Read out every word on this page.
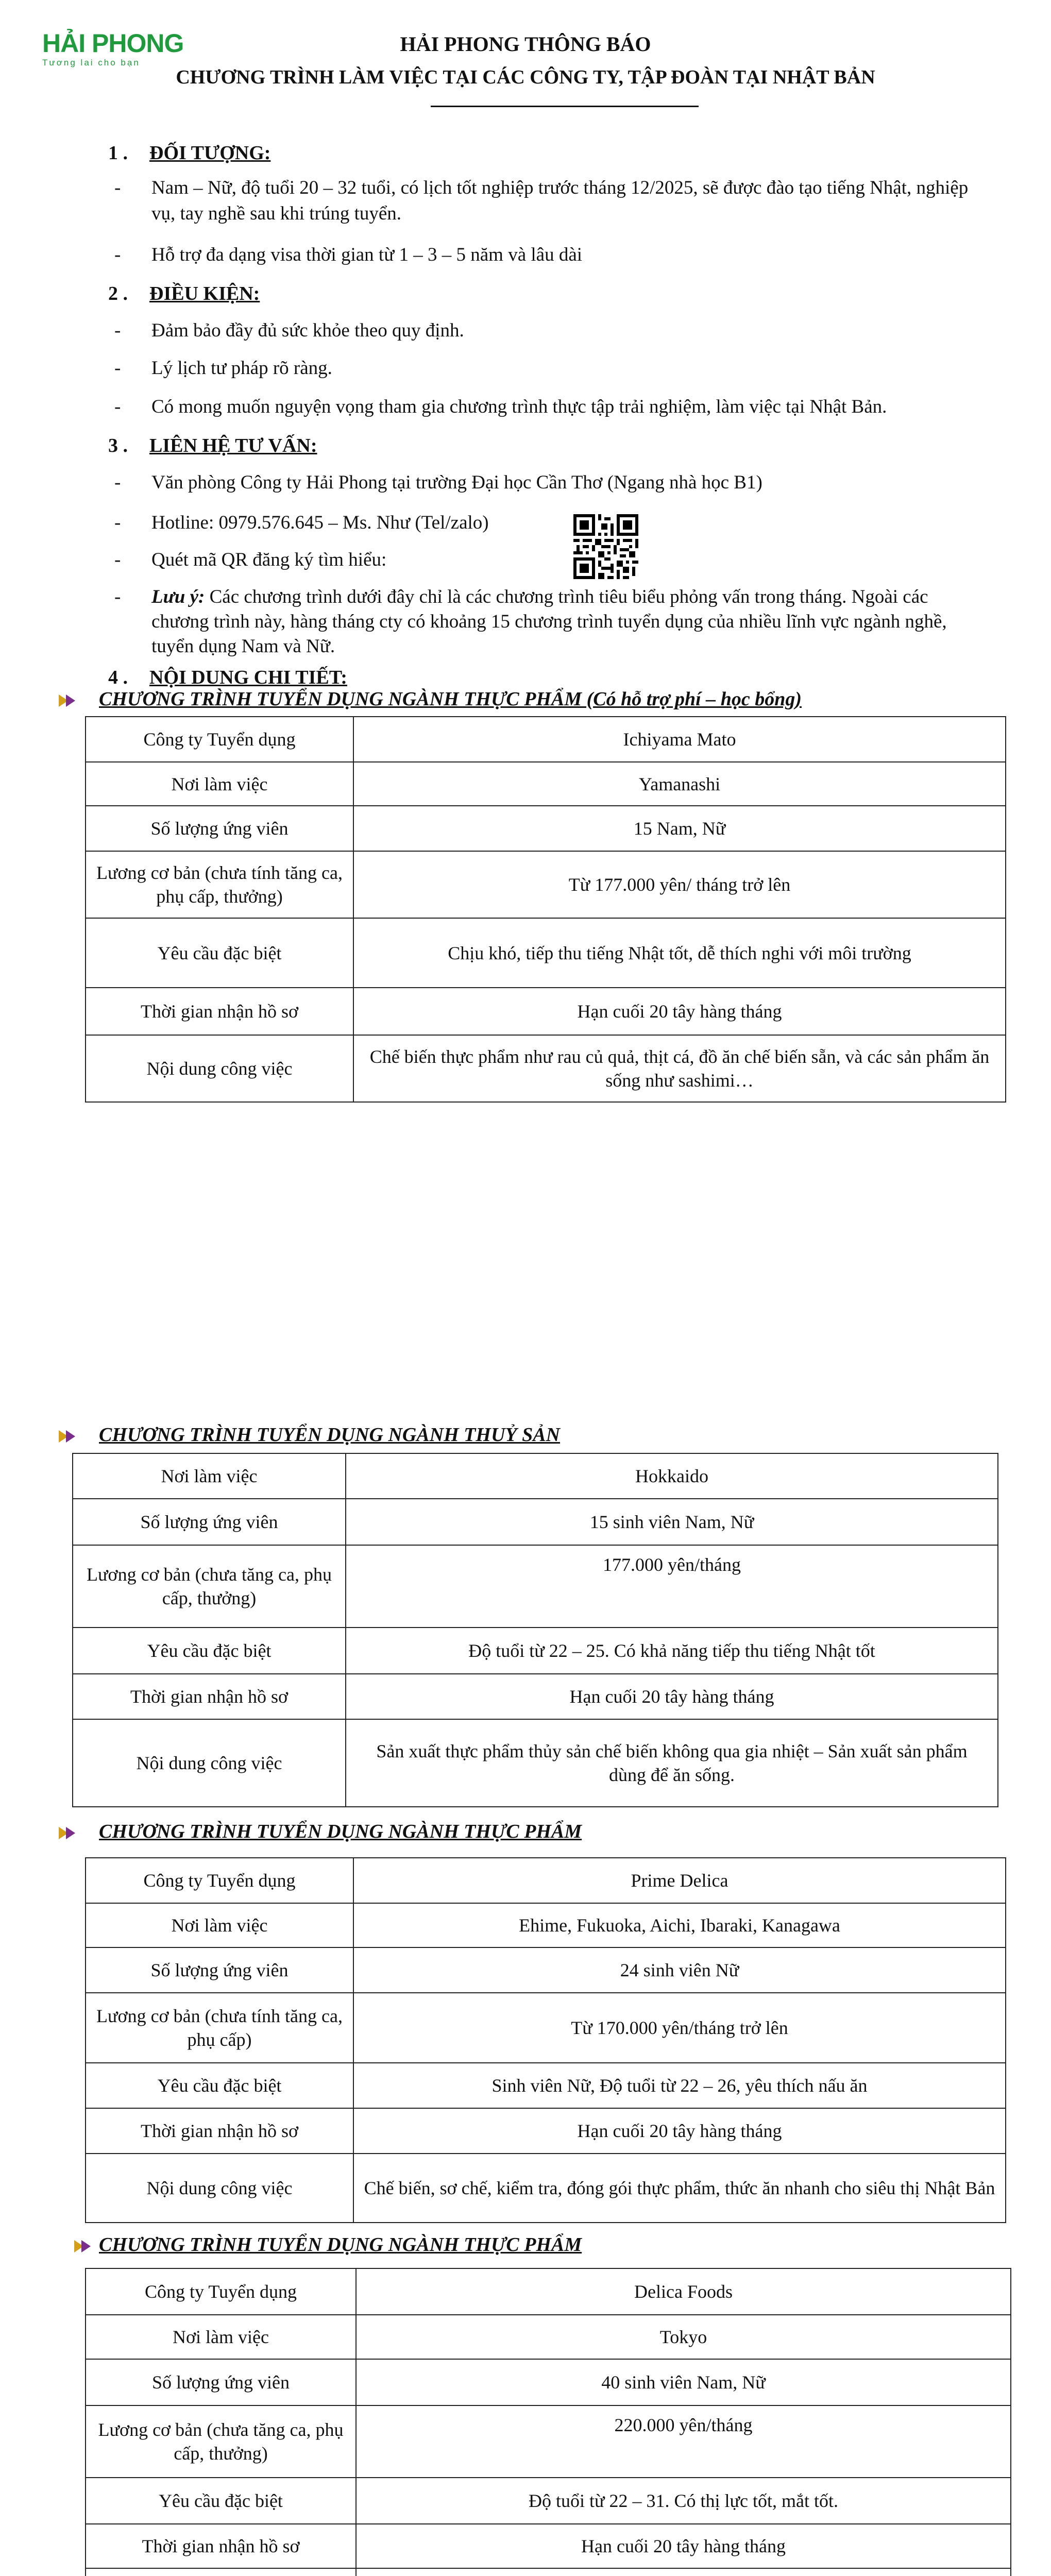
HẢI PHONG
Tương lai cho bạn
HẢI PHONG THÔNG BÁO
CHƯƠNG TRÌNH LÀM VIỆC TẠI CÁC CÔNG TY, TẬP ĐOÀN TẠI NHẬT BẢN
1 . ĐỐI TƯỢNG:
- Nam – Nữ, độ tuổi 20 – 32 tuổi, có lịch tốt nghiệp trước tháng 12/2025, sẽ được đào tạo tiếng Nhật, nghiệp vụ, tay nghề sau khi trúng tuyển.
- Hỗ trợ đa dạng visa thời gian từ 1 – 3 – 5 năm và lâu dài
2 . ĐIỀU KIỆN:
- Đảm bảo đầy đủ sức khỏe theo quy định.
- Lý lịch tư pháp rõ ràng.
- Có mong muốn nguyện vọng tham gia chương trình thực tập trải nghiệm, làm việc tại Nhật Bản.
3 . LIÊN HỆ TƯ VẤN:
- Văn phòng Công ty Hải Phong tại trường Đại học Cần Thơ (Ngang nhà học B1)
- Hotline: 0979.576.645 – Ms. Như (Tel/zalo)
- Quét mã QR đăng ký tìm hiểu:
- Lưu ý: Các chương trình dưới đây chỉ là các chương trình tiêu biểu phỏng vấn trong tháng. Ngoài các chương trình này, hàng tháng cty có khoảng 15 chương trình tuyển dụng của nhiều lĩnh vực ngành nghề, tuyển dụng Nam và Nữ.
4 . NỘI DUNG CHI TIẾT:
CHƯƠNG TRÌNH TUYỂN DỤNG NGÀNH THỰC PHẨM (Có hỗ trợ phí – học bổng)
Công ty Tuyển dụng	Ichiyama Mato
Nơi làm việc	Yamanashi
Số lượng ứng viên	15 Nam, Nữ
Lương cơ bản (chưa tính tăng ca, phụ cấp, thưởng)	Từ 177.000 yên/ tháng trở lên
Yêu cầu đặc biệt	Chịu khó, tiếp thu tiếng Nhật tốt, dễ thích nghi với môi trường
Thời gian nhận hồ sơ	Hạn cuối 20 tây hàng tháng
Nội dung công việc	Chế biến thực phẩm như rau củ quả, thịt cá, đồ ăn chế biến sẵn, và các sản phẩm ăn sống như sashimi…
CHƯƠNG TRÌNH TUYỂN DỤNG NGÀNH THUỶ SẢN
Nơi làm việc	Hokkaido
Số lượng ứng viên	15 sinh viên Nam, Nữ
Lương cơ bản (chưa tăng ca, phụ cấp, thưởng)	177.000 yên/tháng
Yêu cầu đặc biệt	Độ tuổi từ 22 – 25. Có khả năng tiếp thu tiếng Nhật tốt
Thời gian nhận hồ sơ	Hạn cuối 20 tây hàng tháng
Nội dung công việc	Sản xuất thực phẩm thủy sản chế biến không qua gia nhiệt – Sản xuất sản phẩm dùng để ăn sống.
CHƯƠNG TRÌNH TUYỂN DỤNG NGÀNH THỰC PHẨM
Công ty Tuyển dụng	Prime Delica
Nơi làm việc	Ehime, Fukuoka, Aichi, Ibaraki, Kanagawa
Số lượng ứng viên	24 sinh viên Nữ
Lương cơ bản (chưa tính tăng ca, phụ cấp)	Từ 170.000 yên/tháng trở lên
Yêu cầu đặc biệt	Sinh viên Nữ, Độ tuổi từ 22 – 26, yêu thích nấu ăn
Thời gian nhận hồ sơ	Hạn cuối 20 tây hàng tháng
Nội dung công việc	Chế biến, sơ chế, kiểm tra, đóng gói thực phẩm, thức ăn nhanh cho siêu thị Nhật Bản
CHƯƠNG TRÌNH TUYỂN DỤNG NGÀNH THỰC PHẨM
Công ty Tuyển dụng	Delica Foods
Nơi làm việc	Tokyo
Số lượng ứng viên	40 sinh viên Nam, Nữ
Lương cơ bản (chưa tăng ca, phụ cấp, thưởng)	220.000 yên/tháng
Yêu cầu đặc biệt	Độ tuổi từ 22 – 31. Có thị lực tốt, mắt tốt.
Thời gian nhận hồ sơ	Hạn cuối 20 tây hàng tháng
